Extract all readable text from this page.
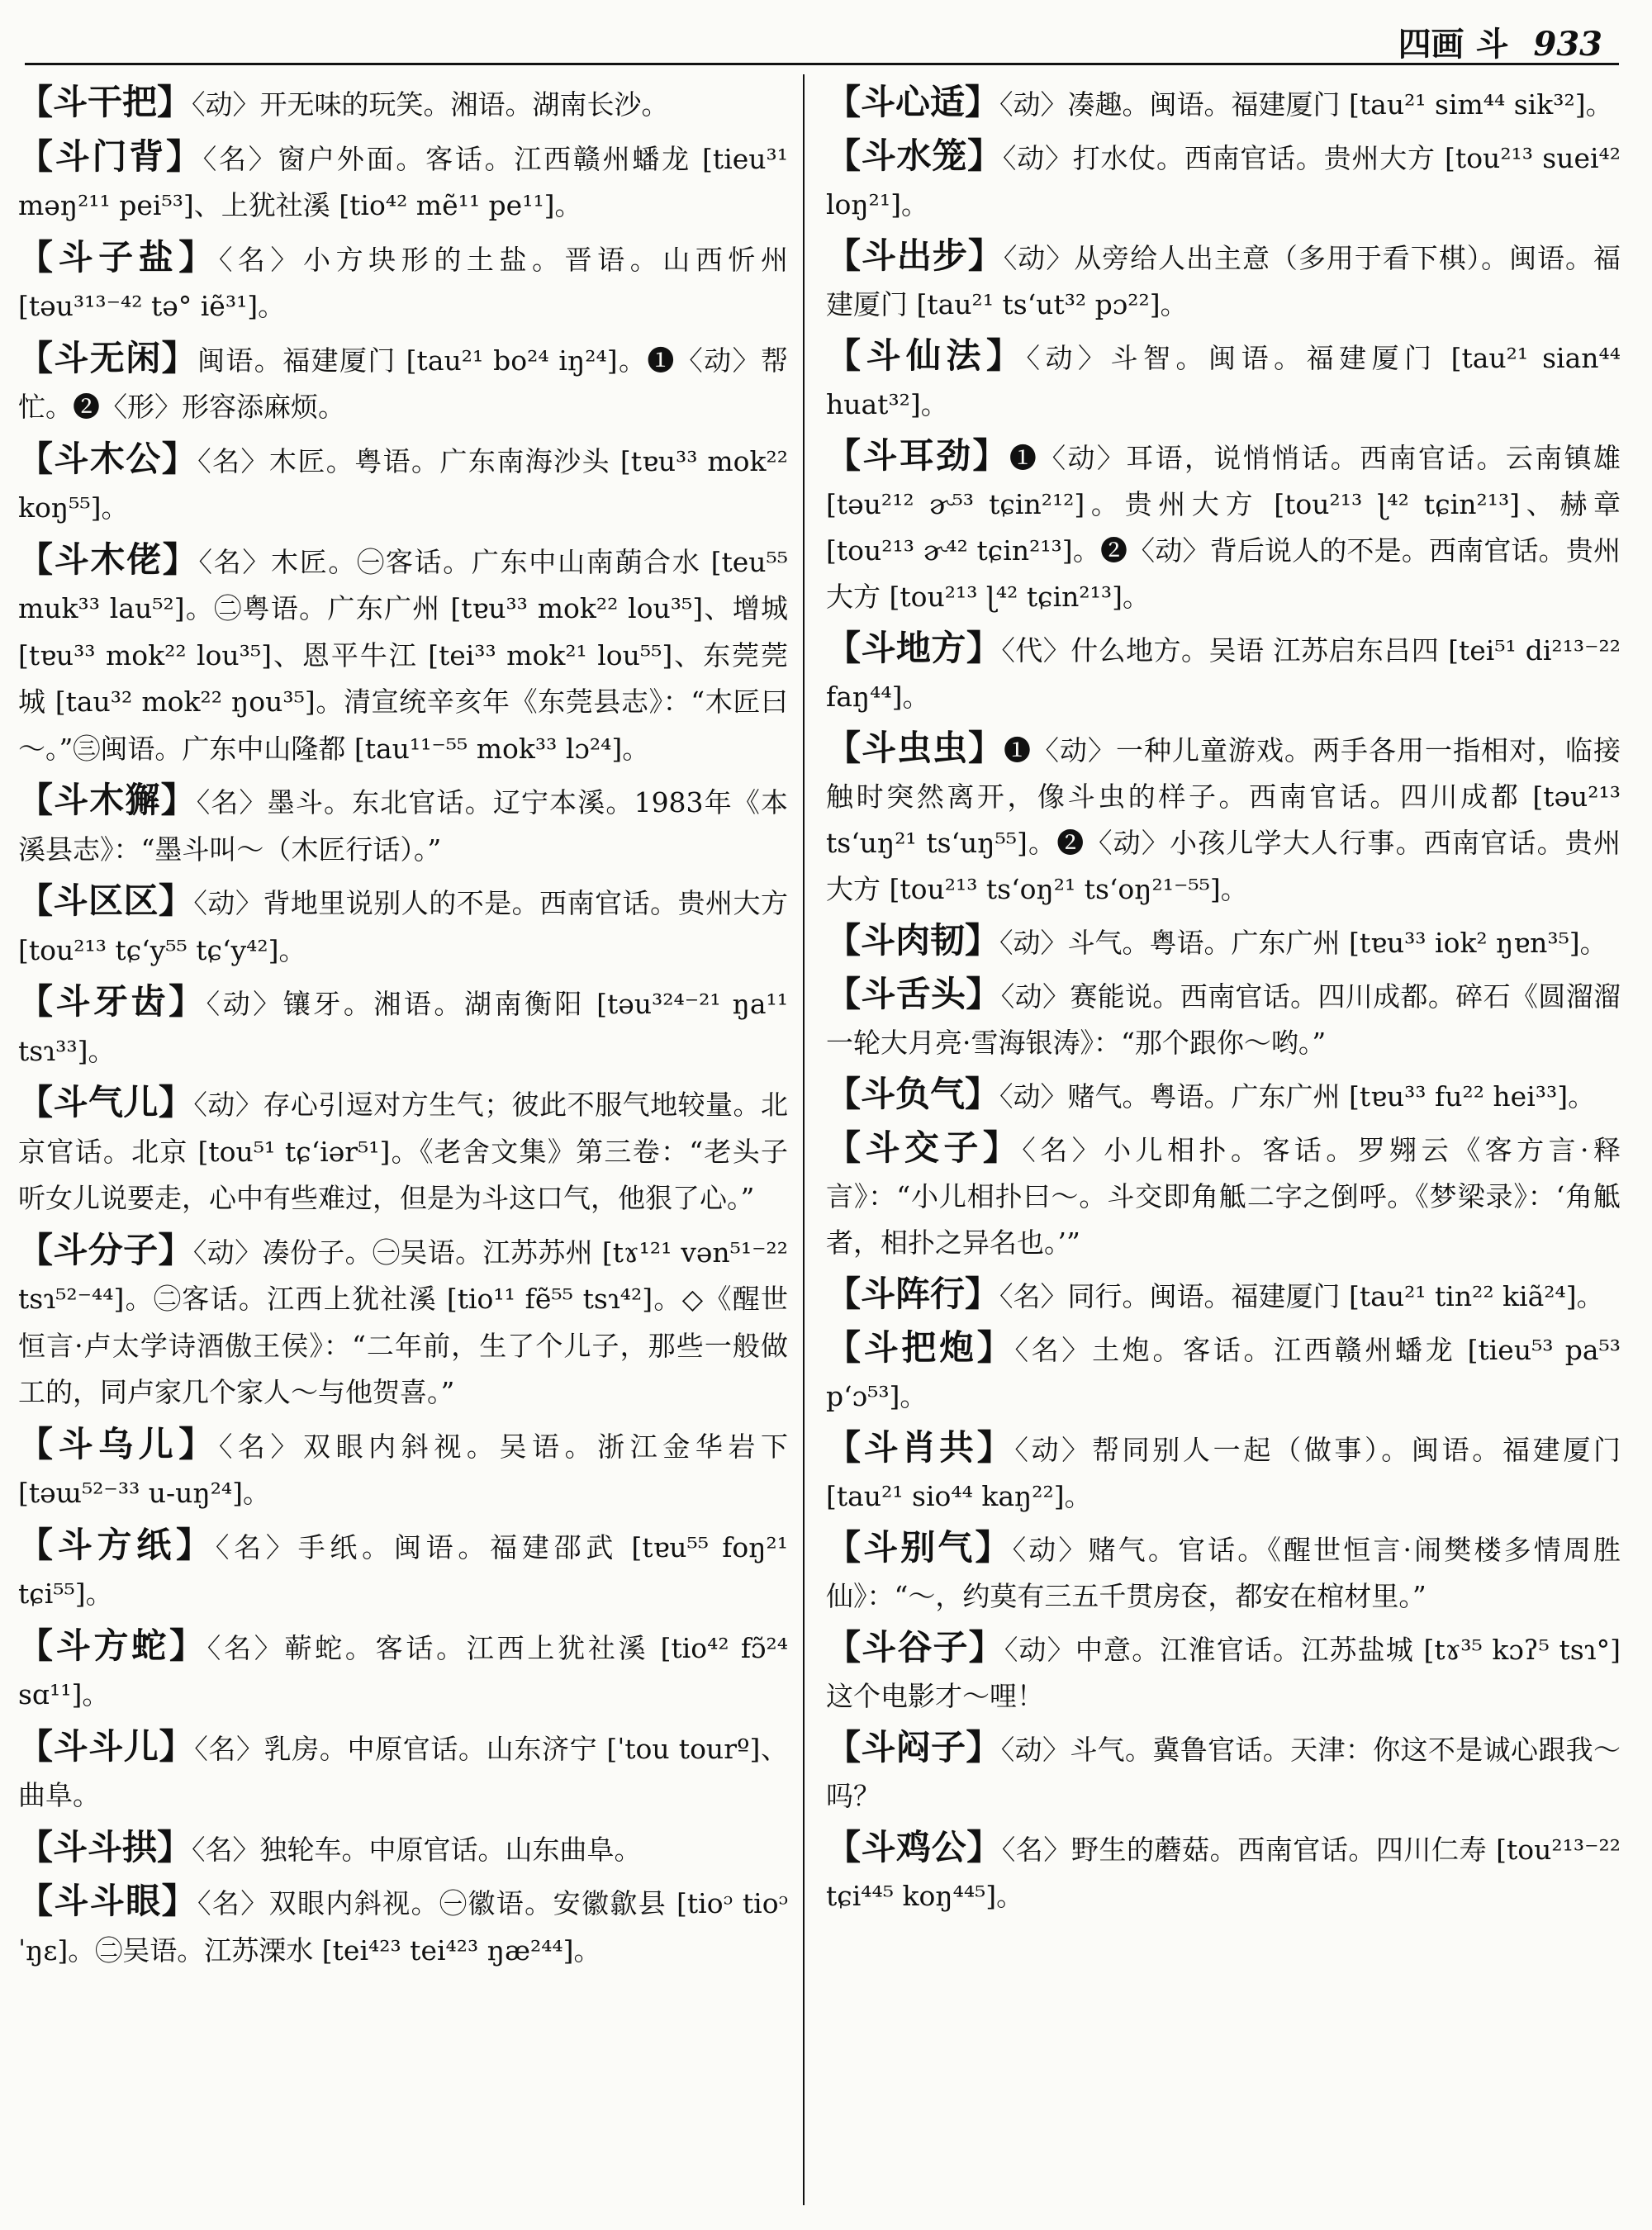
四画 斗 933
【斗干把】〈动〉开无味的玩笑。湘语。湖南长沙。
【斗门背】〈名〉窗户外面。客话。江西赣州蟠龙 [tieu³¹ məŋ²¹¹ pei⁵³]、上犹社溪 [tio⁴² mẽ¹¹ pe¹¹]。
【斗子盐】〈名〉小方块形的土盐。晋语。山西忻州 [təu³¹³⁻⁴² tə° iẽ³¹]。
【斗无闲】闽语。福建厦门 [tau²¹ bo²⁴ iŋ²⁴]。❶〈动〉帮忙。❷〈形〉形容添麻烦。
【斗木公】〈名〉木匠。粤语。广东南海沙头 [tɐu³³ mok²² koŋ⁵⁵]。
【斗木佬】〈名〉木匠。㊀客话。广东中山南蓢合水 [teu⁵⁵ muk³³ lau⁵²]。㊁粤语。广东广州 [tɐu³³ mok²² lou³⁵]、增城 [tɐu³³ mok²² lou³⁵]、恩平牛江 [tei³³ mok²¹ lou⁵⁵]、东莞莞城 [tau³² mok²² ŋou³⁵]。清宣统辛亥年《东莞县志》：“木匠曰～。”㊂闽语。广东中山隆都 [tau¹¹⁻⁵⁵ mok³³ lɔ²⁴]。
【斗木獬】〈名〉墨斗。东北官话。辽宁本溪。1983年《本溪县志》：“墨斗叫～（木匠行话）。”
【斗区区】〈动〉背地里说别人的不是。西南官话。贵州大方 [tou²¹³ tɕʻy⁵⁵ tɕʻy⁴²]。
【斗牙齿】〈动〉镶牙。湘语。湖南衡阳 [təu³²⁴⁻²¹ ŋa¹¹ tsɿ³³]。
【斗气儿】〈动〉存心引逗对方生气；彼此不服气地较量。北京官话。北京 [tou⁵¹ tɕʻiər⁵¹]。《老舍文集》第三卷：“老头子听女儿说要走，心中有些难过，但是为斗这口气，他狠了心。”
【斗分子】〈动〉凑份子。㊀吴语。江苏苏州 [tɤ¹²¹ vən⁵¹⁻²² tsɿ⁵²⁻⁴⁴]。㊁客话。江西上犹社溪 [tio¹¹ fẽ⁵⁵ tsɿ⁴²]。◇《醒世恒言·卢太学诗酒傲王侯》：“二年前，生了个儿子，那些一般做工的，同卢家几个家人～与他贺喜。”
【斗乌儿】〈名〉双眼内斜视。吴语。浙江金华岩下 [təɯ⁵²⁻³³ u-uŋ²⁴]。
【斗方纸】〈名〉手纸。闽语。福建邵武 [tɐu⁵⁵ foŋ²¹ tɕi⁵⁵]。
【斗方蛇】〈名〉蕲蛇。客话。江西上犹社溪 [tio⁴² fɔ̃²⁴ sɑ¹¹]。
【斗斗儿】〈名〉乳房。中原官话。山东济宁 [ˈtou tourº]、曲阜。
【斗斗拱】〈名〉独轮车。中原官话。山东曲阜。
【斗斗眼】〈名〉双眼内斜视。㊀徽语。安徽歙县 [tioᵓ tioᵓ ˈŋɛ]。㊁吴语。江苏溧水 [tei⁴²³ tei⁴²³ ŋæ²⁴⁴]。
【斗心适】〈动〉凑趣。闽语。福建厦门 [tau²¹ sim⁴⁴ sik³²]。
【斗水笼】〈动〉打水仗。西南官话。贵州大方 [tou²¹³ suei⁴² loŋ²¹]。
【斗出步】〈动〉从旁给人出主意（多用于看下棋）。闽语。福建厦门 [tau²¹ tsʻut³² pɔ²²]。
【斗仙法】〈动〉斗智。闽语。福建厦门 [tau²¹ sian⁴⁴ huat³²]。
【斗耳劲】❶〈动〉耳语，说悄悄话。西南官话。云南镇雄 [təu²¹² ɚ⁵³ tɕin²¹²]。贵州大方 [tou²¹³ ɭ⁴² tɕin²¹³]、赫章 [tou²¹³ ɚ⁴² tɕin²¹³]。❷〈动〉背后说人的不是。西南官话。贵州大方 [tou²¹³ ɭ⁴² tɕin²¹³]。
【斗地方】〈代〉什么地方。吴语 江苏启东吕四 [tei⁵¹ di²¹³⁻²² faŋ⁴⁴]。
【斗虫虫】❶〈动〉一种儿童游戏。两手各用一指相对，临接触时突然离开，像斗虫的样子。西南官话。四川成都 [təu²¹³ tsʻuŋ²¹ tsʻuŋ⁵⁵]。❷〈动〉小孩儿学大人行事。西南官话。贵州大方 [tou²¹³ tsʻoŋ²¹ tsʻoŋ²¹⁻⁵⁵]。
【斗肉韧】〈动〉斗气。粤语。广东广州 [tɐu³³ iok² ŋɐn³⁵]。
【斗舌头】〈动〉赛能说。西南官话。四川成都。碎石《圆溜溜一轮大月亮·雪海银涛》：“那个跟你～哟。”
【斗负气】〈动〉赌气。粤语。广东广州 [tɐu³³ fu²² hei³³]。
【斗交子】〈名〉小儿相扑。客话。罗翙云《客方言·释言》：“小儿相扑曰～。斗交即角觝二字之倒呼。《梦梁录》：‘角觝者，相扑之异名也。’”
【斗阵行】〈名〉同行。闽语。福建厦门 [tau²¹ tin²² kiã²⁴]。
【斗把炮】〈名〉土炮。客话。江西赣州蟠龙 [tieu⁵³ pa⁵³ pʻɔ⁵³]。
【斗肖共】〈动〉帮同别人一起（做事）。闽语。福建厦门 [tau²¹ sio⁴⁴ kaŋ²²]。
【斗别气】〈动〉赌气。官话。《醒世恒言·闹樊楼多情周胜仙》：“～，约莫有三五千贯房奁，都安在棺材里。”
【斗谷子】〈动〉中意。江淮官话。江苏盐城 [tɤ³⁵ kɔʔ⁵ tsɿ°] 这个电影才～哩！
【斗闷子】〈动〉斗气。冀鲁官话。天津：你这不是诚心跟我～吗？
【斗鸡公】〈名〉野生的蘑菇。西南官话。四川仁寿 [tou²¹³⁻²² tɕi⁴⁴⁵ koŋ⁴⁴⁵]。
